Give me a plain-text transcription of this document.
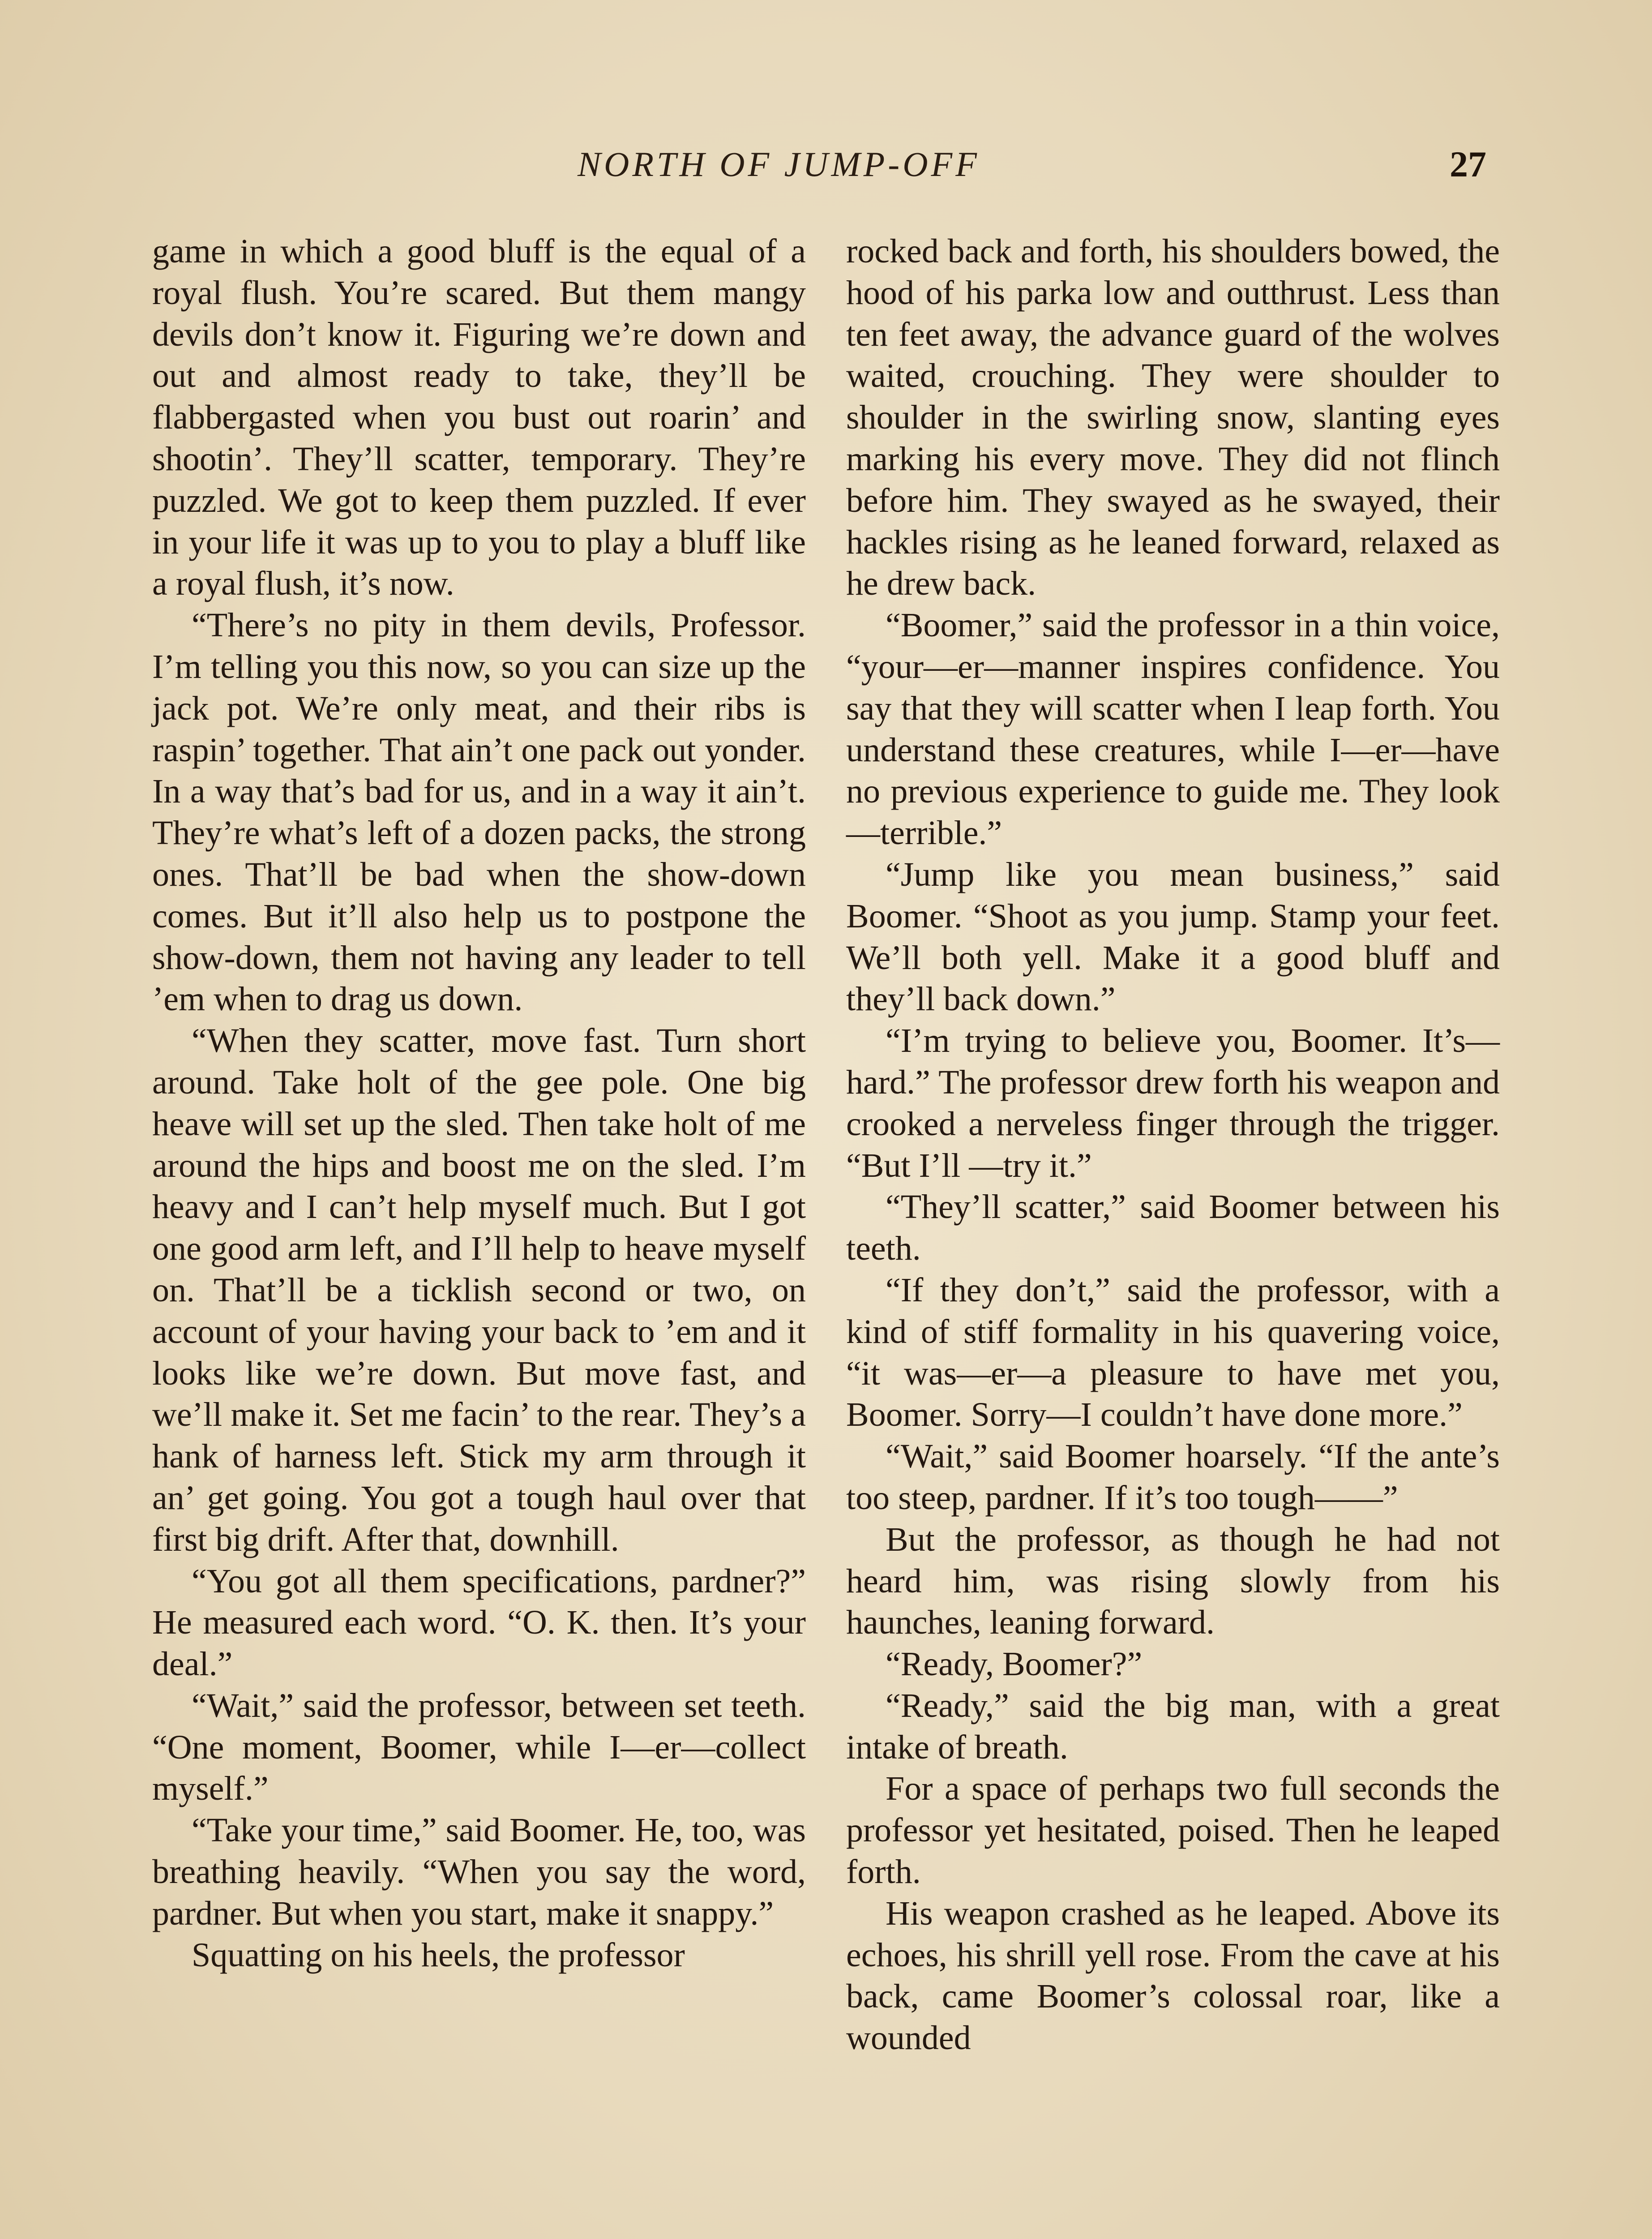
NORTH OF JUMP-OFF	27

game in which a good bluff is the equal of a royal flush. You’re scared. But them mangy devils don’t know it. Figuring we’re down and out and almost ready to take, they’ll be flabbergasted when you bust out roarin’ and shootin’. They’ll scatter, temporary. They’re puzzled. We got to keep them puzzled. If ever in your life it was up to you to play a bluff like a royal flush, it’s now.

“There’s no pity in them devils, Professor. I’m telling you this now, so you can size up the jack pot. We’re only meat, and their ribs is raspin’ together. That ain’t one pack out yonder. In a way that’s bad for us, and in a way it ain’t. They’re what’s left of a dozen packs, the strong ones. That’ll be bad when the show-down comes. But it’ll also help us to postpone the show-down, them not having any leader to tell ’em when to drag us down.

“When they scatter, move fast. Turn short around. Take holt of the gee pole. One big heave will set up the sled. Then take holt of me around the hips and boost me on the sled. I’m heavy and I can’t help myself much. But I got one good arm left, and I’ll help to heave myself on. That’ll be a ticklish second or two, on account of your having your back to ’em and it looks like we’re down. But move fast, and we’ll make it. Set me facin’ to the rear. They’s a hank of harness left. Stick my arm through it an’ get going. You got a tough haul over that first big drift. After that, downhill.

“You got all them specifications, pardner?” He measured each word. “O. K. then. It’s your deal.”

“Wait,” said the professor, between set teeth. “One moment, Boomer, while I—er—collect myself.”

“Take your time,” said Boomer. He, too, was breathing heavily. “When you say the word, pardner. But when you start, make it snappy.”

Squatting on his heels, the professor

rocked back and forth, his shoulders bowed, the hood of his parka low and outthrust. Less than ten feet away, the advance guard of the wolves waited, crouching. They were shoulder to shoulder in the swirling snow, slanting eyes marking his every move. They did not flinch before him. They swayed as he swayed, their hackles rising as he leaned forward, relaxed as he drew back.

“Boomer,” said the professor in a thin voice, “your—er—manner inspires confidence. You say that they will scatter when I leap forth. You understand these creatures, while I—er—have no previous experience to guide me. They look—terrible.”

“Jump like you mean business,” said Boomer. “Shoot as you jump. Stamp your feet. We’ll both yell. Make it a good bluff and they’ll back down.”

“I’m trying to believe you, Boomer. It’s—hard.” The professor drew forth his weapon and crooked a nerveless finger through the trigger. “But I’ll —try it.”

“They’ll scatter,” said Boomer between his teeth.

“If they don’t,” said the professor, with a kind of stiff formality in his quavering voice, “it was—er—a pleasure to have met you, Boomer. Sorry—I couldn’t have done more.”

“Wait,” said Boomer hoarsely. “If the ante’s too steep, pardner. If it’s too tough——”

But the professor, as though he had not heard him, was rising slowly from his haunches, leaning forward.

“Ready, Boomer?”

“Ready,” said the big man, with a great intake of breath.

For a space of perhaps two full seconds the professor yet hesitated, poised. Then he leaped forth.

His weapon crashed as he leaped. Above its echoes, his shrill yell rose. From the cave at his back, came Boomer’s colossal roar, like a wounded
